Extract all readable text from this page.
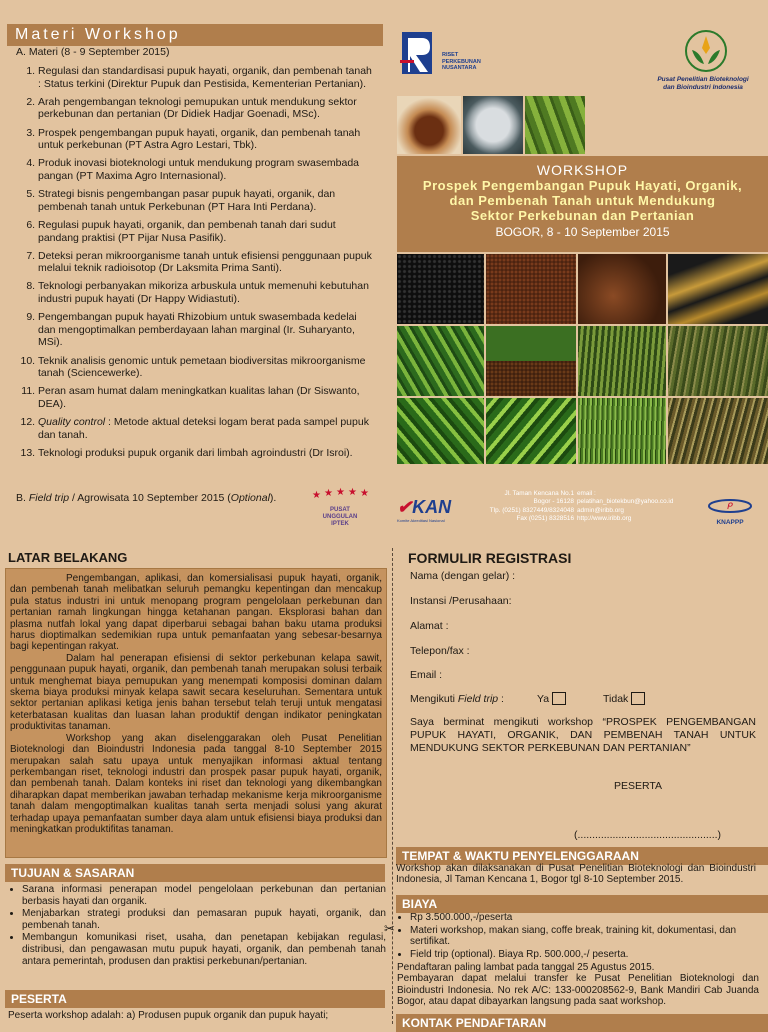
Materi Workshop
A. Materi (8 - 9 September 2015)
1. Regulasi dan standardisasi pupuk hayati, organik, dan pembenah tanah : Status terkini (Direktur Pupuk dan Pestisida, Kementerian Pertanian).
2. Arah pengembangan teknologi pemupukan untuk mendukung sektor perkebunan dan pertanian (Dr Didiek Hadjar Goenadi, MSc).
3. Prospek pengembangan pupuk hayati, organik, dan pembenah tanah untuk perkebunan (PT Astra Agro Lestari, Tbk).
4. Produk inovasi bioteknologi untuk mendukung program swasembada pangan (PT Maxima Agro Internasional).
5. Strategi bisnis pengembangan pasar pupuk hayati, organik, dan pembenah tanah untuk Perkebunan (PT Hara Inti Perdana).
6. Regulasi pupuk hayati, organik, dan pembenah tanah dari sudut pandang praktisi (PT Pijar Nusa Pasifik).
7. Deteksi peran mikroorganisme tanah untuk efisiensi penggunaan pupuk melalui teknik radioisotop (Dr Laksmita Prima Santi).
8. Teknologi perbanyakan mikoriza arbuskula untuk memenuhi kebutuhan industri pupuk hayati (Dr Happy Widiastuti).
9. Pengembangan pupuk hayati Rhizobium untuk swasembada kedelai dan mengoptimalkan pemberdayaan lahan marginal (Ir. Suharyanto, MSi).
10. Teknik analisis genomic untuk pemetaan biodiversitas mikroorganisme tanah (Sciencewerke).
11. Peran asam humat dalam meningkatkan kualitas lahan (Dr Siswanto, DEA).
12. Quality control : Metode aktual deteksi logam berat pada sampel pupuk dan tanah.
13. Teknologi produksi pupuk organik dari limbah agroindustri (Dr Isroi).
B. Field trip / Agrowisata 10 September 2015 (Optional).	★ ★ ★ ★ ★
PUSAT
UNGGULAN
IPTEK
RISET
PERKEBUNAN
NUSANTARA
Pusat Penelitian Bioteknologi
dan Bioindustri Indonesia
WORKSHOP
Prospek Pengembangan Pupuk Hayati, Organik,
dan Pembenah Tanah untuk Mendukung
Sektor Perkebunan dan Pertanian
BOGOR, 8 - 10 September 2015
✔KAN
Komite Akreditasi Nasional
Jl. Taman Kencana No.1
Bogor - 16128
Tlp. (0251) 8327449/8324048
Fax (0251) 8328516
email :
pelatihan_biotekbun@yahoo.co.id
admin@iribb.org
http://www.iribb.org
ᑭ
KNAPPP
LATAR BELAKANG
Pengembangan, aplikasi, dan komersialisasi pupuk hayati, organik, dan pembenah tanah melibatkan seluruh pemangku kepentingan dan mencakup pula status industri ini untuk menopang program pengelolaan perkebunan dan pertanian ramah lingkungan hingga ketahanan pangan. Eksplorasi bahan dan plasma nutfah lokal yang dapat diperbarui sebagai bahan baku utama produksi harus dioptimalkan sedemikian rupa untuk pemanfaatan yang sebesar-besarnya bagi kepentingan rakyat.
Dalam hal penerapan efisiensi di sektor perkebunan kelapa sawit, penggunaan pupuk hayati, organik, dan pembenah tanah merupakan solusi terbaik untuk menghemat biaya pemupukan yang menempati komposisi dominan dalam skema biaya produksi minyak kelapa sawit secara keseluruhan. Sementara untuk sektor pertanian aplikasi ketiga jenis bahan tersebut telah teruji untuk mengatasi keterbatasan kualitas dan luasan lahan produktif dengan indikator peningkatan produktivitas tanaman.
Workshop yang akan diselenggarakan oleh Pusat Penelitian Bioteknologi dan Bioindustri Indonesia pada tanggal 8-10 September 2015 merupakan salah satu upaya untuk menyajikan informasi aktual tentang perkembangan riset, teknologi industri dan prospek pasar pupuk hayati, organik, dan pembenah tanah. Dalam konteks ini riset dan teknologi yang dikembangkan diharapkan dapat memberikan jawaban terhadap mekanisme kerja mikroorganisme tanah dalam mengoptimalkan kualitas tanah serta menjadi solusi yang akurat terhadap upaya pemanfaatan sumber daya alam untuk efisiensi biaya produksi dan meningkatkan produktifitas tanaman.
TUJUAN & SASARAN
• Sarana informasi penerapan model pengelolaan perkebunan dan pertanian berbasis hayati dan organik.
• Menjabarkan strategi produksi dan pemasaran pupuk hayati, organik, dan pembenah tanah.
• Membangun komunikasi riset, usaha, dan penetapan kebijakan regulasi, distribusi, dan pengawasan mutu pupuk hayati, organik, dan pembenah tanah antara pemerintah, produsen dan praktisi perkebunan/pertanian.
PESERTA
Peserta workshop adalah: a) Produsen pupuk organik dan pupuk hayati;
✂
FORMULIR REGISTRASI
Nama (dengan gelar) :
Instansi /Perusahaan:
Alamat :
Telepon/fax :
Email :
Mengikuti Field trip :	Ya	Tidak
Saya berminat mengikuti workshop “PROSPEK PENGEMBANGAN PUPUK HAYATI, ORGANIK, DAN PEMBENAH TANAH UNTUK MENDUKUNG SEKTOR PERKEBUNAN DAN PERTANIAN”
PESERTA
(................................................)
TEMPAT & WAKTU PENYELENGGARAAN
Workshop akan dilaksanakan di Pusat Penelitian Bioteknologi dan Bioindustri Indonesia, Jl Taman Kencana 1, Bogor tgl 8-10 September 2015.
BIAYA
• Rp 3.500.000,-/peserta
• Materi workshop, makan siang, coffe break, training kit, dokumentasi, dan sertifikat.
• Field trip (optional). Biaya Rp. 500.000,-/ peserta.
Pendaftaran paling lambat pada tanggal 25 Agustus 2015.
Pembayaran dapat melalui transfer ke Pusat Penelitian Bioteknologi dan Bioindustri Indonesia. No rek A/C: 133-000208562-9, Bank Mandiri Cab Juanda Bogor, atau dapat dibayarkan langsung pada saat workshop.
KONTAK PENDAFTARAN
